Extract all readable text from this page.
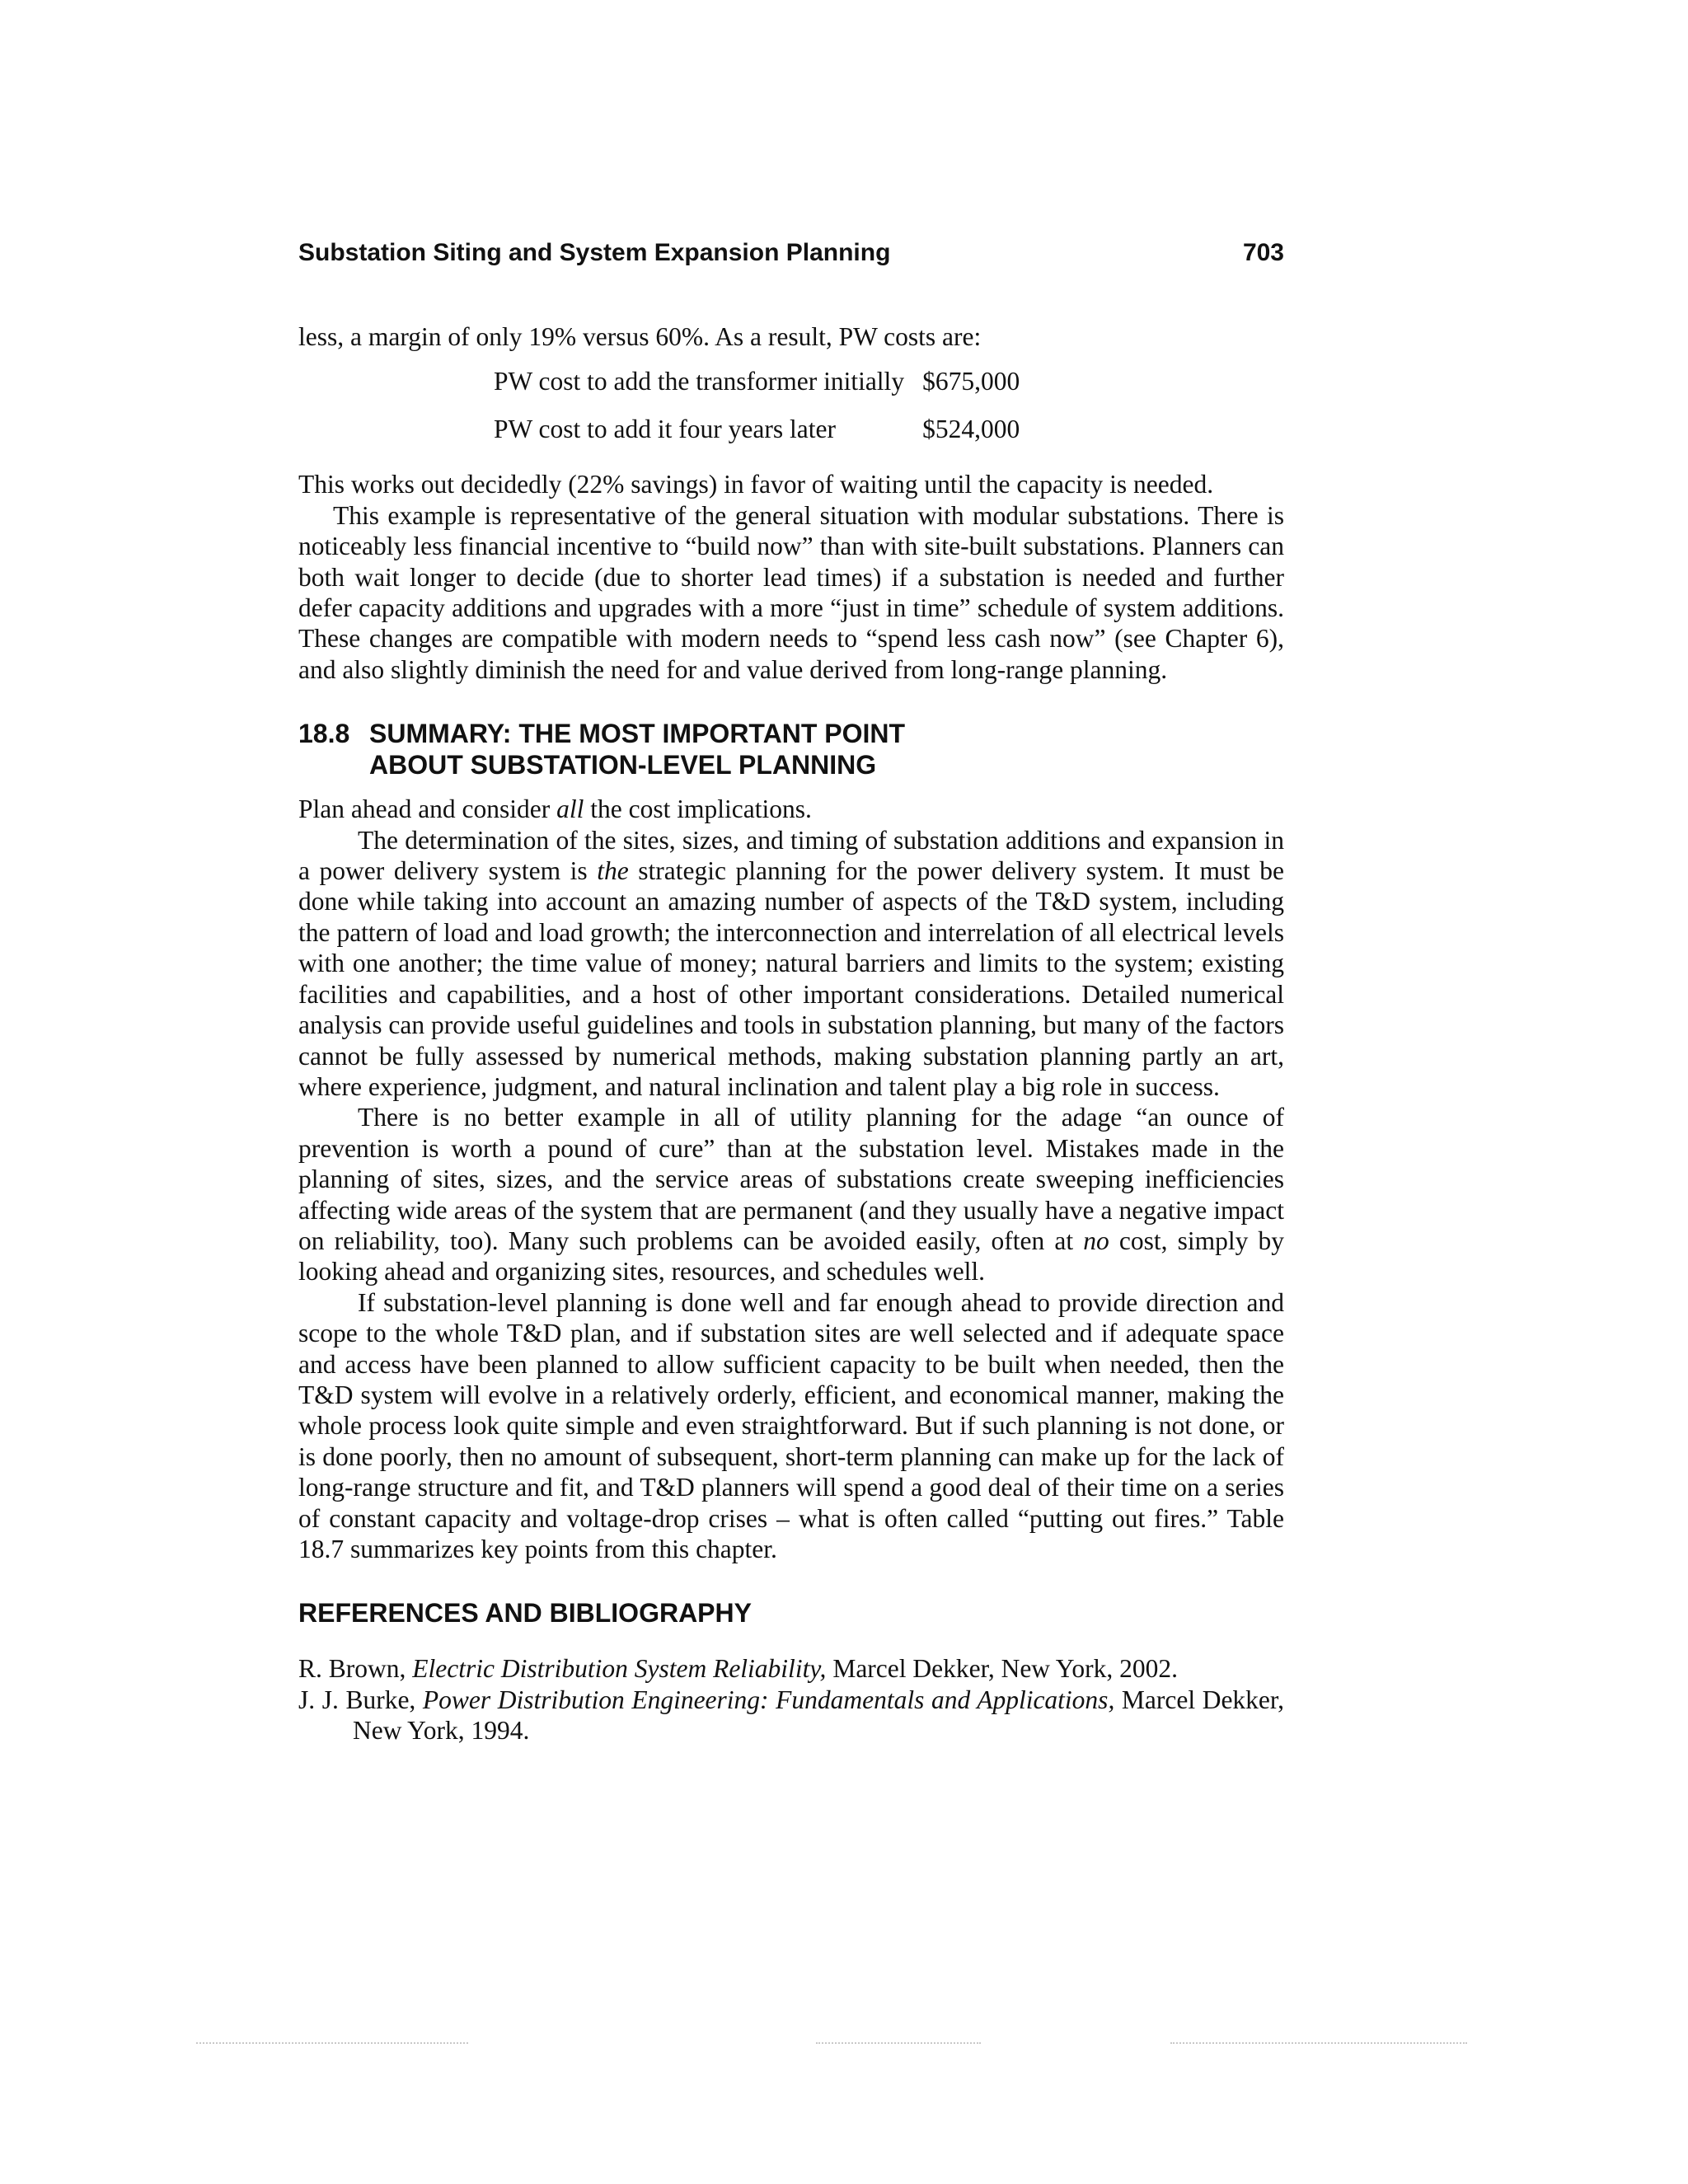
Substation Siting and System Expansion Planning	703

less, a margin of only 19% versus 60%. As a result, PW costs are:

PW cost to add the transformer initially	$675,000
PW cost to add it four years later	$524,000

This works out decidedly (22% savings) in favor of waiting until the capacity is needed.

This example is representative of the general situation with modular substations. There is noticeably less financial incentive to “build now” than with site-built substations. Planners can both wait longer to decide (due to shorter lead times) if a substation is needed and further defer capacity additions and upgrades with a more “just in time” schedule of system additions. These changes are compatible with modern needs to “spend less cash now” (see Chapter 6), and also slightly diminish the need for and value derived from long-range planning.

18.8 SUMMARY: THE MOST IMPORTANT POINT
ABOUT SUBSTATION-LEVEL PLANNING

Plan ahead and consider all the cost implications.

The determination of the sites, sizes, and timing of substation additions and expansion in a power delivery system is the strategic planning for the power delivery system. It must be done while taking into account an amazing number of aspects of the T&D system, including the pattern of load and load growth; the interconnection and interrelation of all electrical levels with one another; the time value of money; natural barriers and limits to the system; existing facilities and capabilities, and a host of other important considerations. Detailed numerical analysis can provide useful guidelines and tools in substation planning, but many of the factors cannot be fully assessed by numerical methods, making substation planning partly an art, where experience, judgment, and natural inclination and talent play a big role in success.

There is no better example in all of utility planning for the adage “an ounce of prevention is worth a pound of cure” than at the substation level. Mistakes made in the planning of sites, sizes, and the service areas of substations create sweeping inefficiencies affecting wide areas of the system that are permanent (and they usually have a negative impact on reliability, too). Many such problems can be avoided easily, often at no cost, simply by looking ahead and organizing sites, resources, and schedules well.

If substation-level planning is done well and far enough ahead to provide direction and scope to the whole T&D plan, and if substation sites are well selected and if adequate space and access have been planned to allow sufficient capacity to be built when needed, then the T&D system will evolve in a relatively orderly, efficient, and economical manner, making the whole process look quite simple and even straightforward. But if such planning is not done, or is done poorly, then no amount of subsequent, short-term planning can make up for the lack of long-range structure and fit, and T&D planners will spend a good deal of their time on a series of constant capacity and voltage-drop crises – what is often called “putting out fires.” Table 18.7 summarizes key points from this chapter.

REFERENCES AND BIBLIOGRAPHY

R. Brown, Electric Distribution System Reliability, Marcel Dekker, New York, 2002.

J. J. Burke, Power Distribution Engineering: Fundamentals and Applications, Marcel Dekker, New York, 1994.
